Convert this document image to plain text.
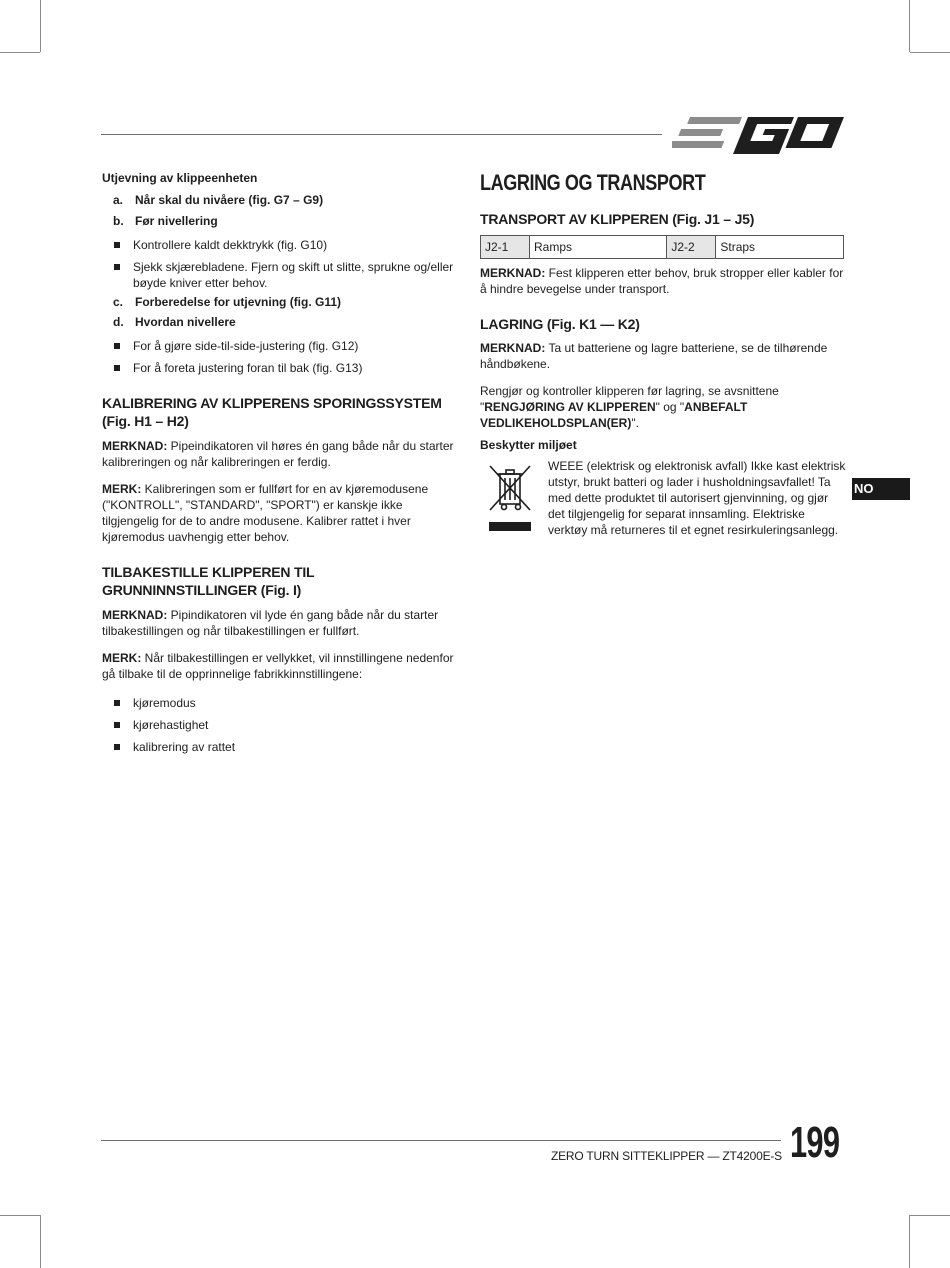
Utjevning av klippeenheten

a. Når skal du nivåere (fig. G7 – G9)
b. Før nivellering
Kontrollere kaldt dekktrykk (fig. G10)
Sjekk skjærebladene. Fjern og skift ut slitte, sprukne og/eller bøyde kniver etter behov.
c. Forberedelse for utjevning (fig. G11)
d. Hvordan nivellere
For å gjøre side-til-side-justering (fig. G12)
For å foreta justering foran til bak (fig. G13)

KALIBRERING AV KLIPPERENS SPORINGSSYSTEM (Fig. H1 – H2)

MERKNAD: Pipeindikatoren vil høres én gang både når du starter kalibreringen og når kalibreringen er ferdig.

MERK: Kalibreringen som er fullført for en av kjøremodusene ("KONTROLL", "STANDARD", "SPORT") er kanskje ikke tilgjengelig for de to andre modusene. Kalibrer rattet i hver kjøremodus uavhengig etter behov.

TILBAKESTILLE KLIPPEREN TIL GRUNNINNSTILLINGER (Fig. I)

MERKNAD: Pipindikatoren vil lyde én gang både når du starter tilbakestillingen og når tilbakestillingen er fullført.

MERK: Når tilbakestillingen er vellykket, vil innstillingene nedenfor gå tilbake til de opprinnelige fabrikkinnstillingene:

kjøremodus
kjørehastighet
kalibrering av rattet

LAGRING OG TRANSPORT

TRANSPORT AV KLIPPEREN (Fig. J1 – J5)

J2-1	Ramps	J2-2	Straps

MERKNAD: Fest klipperen etter behov, bruk stropper eller kabler for å hindre bevegelse under transport.

LAGRING (Fig. K1 — K2)

MERKNAD: Ta ut batteriene og lagre batteriene, se de tilhørende håndbøkene.

Rengjør og kontroller klipperen før lagring, se avsnittene "RENGJØRING AV KLIPPEREN" og "ANBEFALT VEDLIKEHOLDSPLAN(ER)".

Beskytter miljøet

WEEE (elektrisk og elektronisk avfall) Ikke kast elektrisk utstyr, brukt batteri og lader i husholdningsavfallet! Ta med dette produktet til autorisert gjenvinning, og gjør det tilgjengelig for separat innsamling. Elektriske verktøy må returneres til et egnet resirkuleringsanlegg.

NO
ZERO TURN SITTEKLIPPER — ZT4200E-S 199
